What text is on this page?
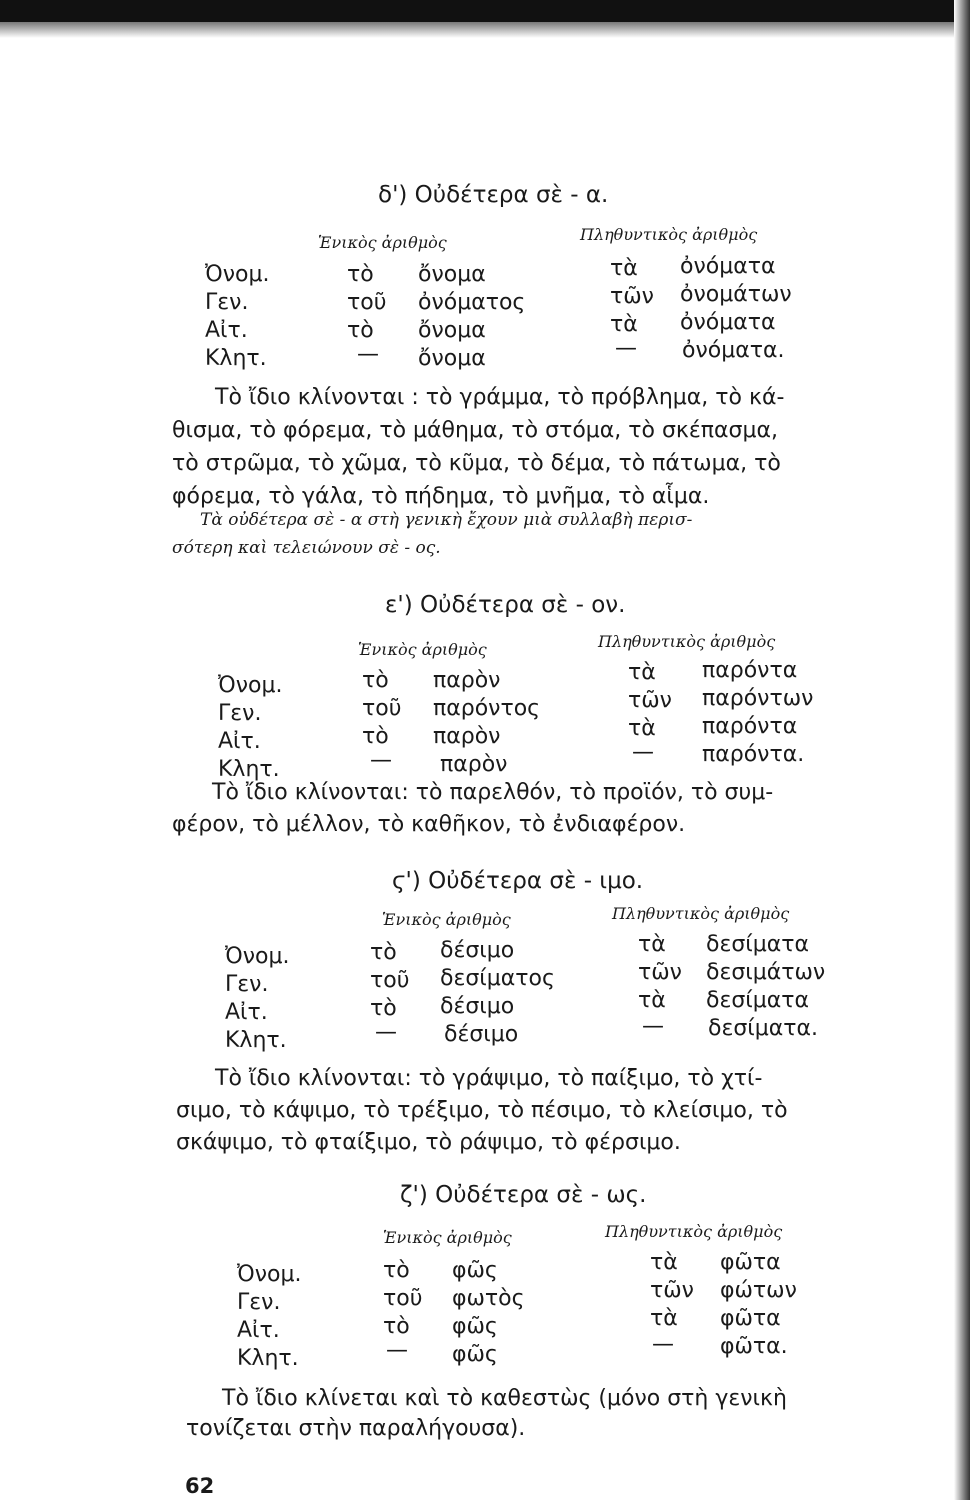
δ') Οὐδέτερα σὲ - α.
Ἑνικὸς ἀριθμὸς	Πληθυντικὸς ἀριθμὸς
Ὀνομ.	τὸ ὄνομα	τὰ ὀνόματα
Γεν.	τοῦ ὀνόματος	τῶν ὀνομάτων
Αἰτ.	τὸ ὄνομα	τὰ ὀνόματα
Κλητ.	— ὄνομα	— ὀνόματα.
Τὸ ἴδιο κλίνονται : τὸ γράμμα, τὸ πρόβλημα, τὸ κά-
θισμα, τὸ φόρεμα, τὸ μάθημα, τὸ στόμα, τὸ σκέπασμα,
τὸ στρῶμα, τὸ χῶμα, τὸ κῦμα, τὸ δέμα, τὸ πάτωμα, τὸ
φόρεμα, τὸ γάλα, τὸ πήδημα, τὸ μνῆμα, τὸ αἷμα.
Τὰ οὐδέτερα σὲ - α στὴ γενικὴ ἔχουν μιὰ συλλαβὴ περισ-
σότερη καὶ τελειώνουν σὲ - ος.
ε') Οὐδέτερα σὲ - ον.
Ἑνικὸς ἀριθμὸς	Πληθυντικὸς ἀριθμὸς
Ὀνομ.	τὸ παρὸν	τὰ παρόντα
Γεν.	τοῦ παρόντος	τῶν παρόντων
Αἰτ.	τὸ παρὸν	τὰ παρόντα
Κλητ.	— παρὸν	— παρόντα.
Τὸ ἴδιο κλίνονται: τὸ παρελθόν, τὸ προϊόν, τὸ συμ-
φέρον, τὸ μέλλον, τὸ καθῆκον, τὸ ἐνδιαφέρον.
ϛ') Οὐδέτερα σὲ - ιμο.
Ἑνικὸς ἀριθμὸς	Πληθυντικὸς ἀριθμὸς
Ὀνομ.	τὸ δέσιμο	τὰ δεσίματα
Γεν.	τοῦ δεσίματος	τῶν δεσιμάτων
Αἰτ.	τὸ δέσιμο	τὰ δεσίματα
Κλητ.	— δέσιμο	— δεσίματα.
Τὸ ἴδιο κλίνονται: τὸ γράψιμο, τὸ παίξιμο, τὸ χτί-
σιμο, τὸ κάψιμο, τὸ τρέξιμο, τὸ πέσιμο, τὸ κλείσιμο, τὸ
σκάψιμο, τὸ φταίξιμο, τὸ ράψιμο, τὸ φέρσιμο.
ζ') Οὐδέτερα σὲ - ως.
Ἑνικὸς ἀριθμὸς	Πληθυντικὸς ἀριθμὸς
Ὀνομ.	τὸ φῶς	τὰ φῶτα
Γεν.	τοῦ φωτὸς	τῶν φώτων
Αἰτ.	τὸ φῶς	τὰ φῶτα
Κλητ.	— φῶς	— φῶτα.
Τὸ ἴδιο κλίνεται καὶ τὸ καθεστὼς (μόνο στὴ γενικὴ
τονίζεται στὴν παραλήγουσα).
62
